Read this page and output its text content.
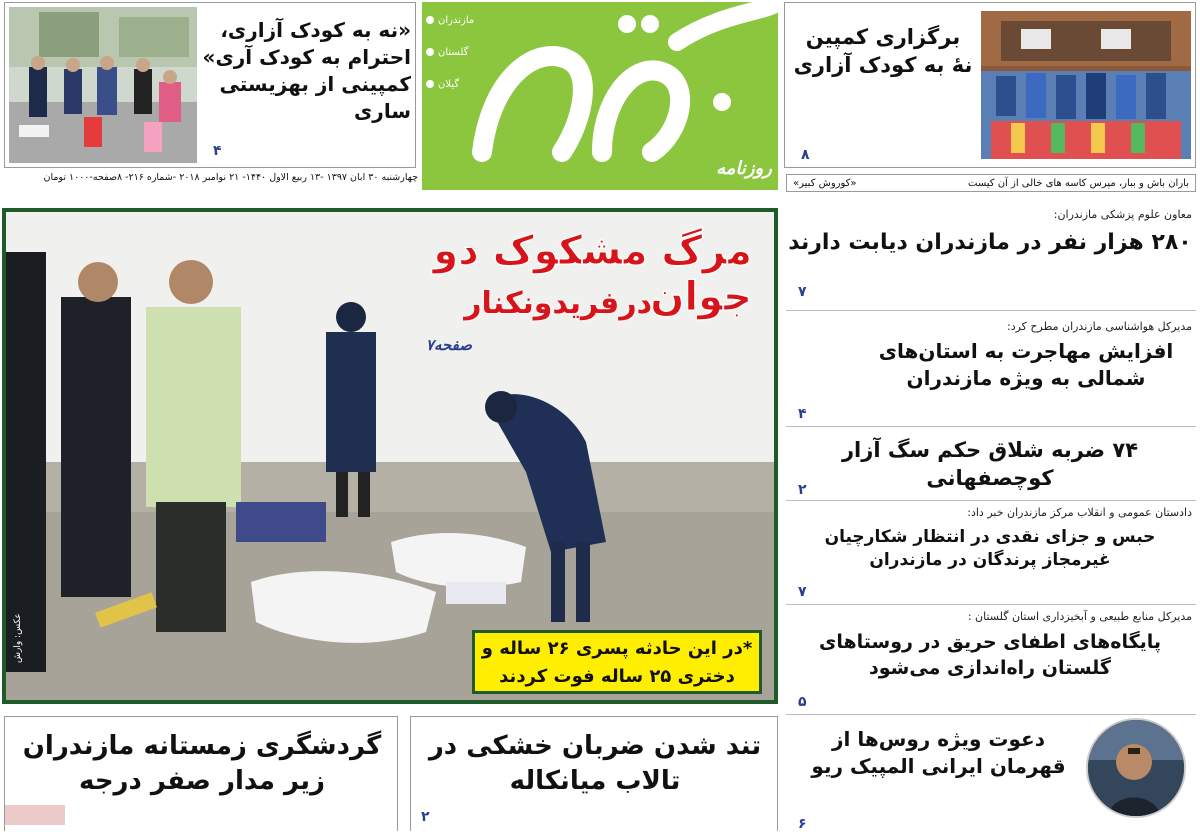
«نه به کودک آزاری، احترام به کودک آری» کمپینی از بهزیستی ساری
۴
روزنامه
مازندران
گلستان
گیلان
چهارشنبه ۳۰ آبان ۱۳۹۷ -۱۳ ربیع الاول ۱۴۴۰- ۲۱ نوامبر ۲۰۱۸ -شماره ۲۱۶- ۸صفحه-۱۰۰۰ تومان
برگزاری کمپین نهٔ به کودک آزاری
۸
باران باش و ببار، مپرس کاسه های خالی از آن کیست
«کوروش کبیر»
مرگ مشکوک دو جوان
درفریدونکنار
صفحه۷
*در این حادثه پسری ۲۶ ساله و دختری ۲۵ ساله فوت کردند
عکس: وارش
معاون علوم پزشکی مازندران:
۲۸۰ هزار نفر در مازندران دیابت دارند
۷
مدیرکل هواشناسی مازندران مطرح کرد:
افزایش مهاجرت به استان‌های شمالی به ویژه مازندران
۴
۷۴ ضربه شلاق حکم سگ آزار کوچصفهانی
۲
دادستان عمومی و انقلاب مرکز مازندران خبر داد:
حبس و جزای نقدی در انتظار شکارچیان غیرمجاز پرندگان در مازندران
۷
مدیرکل منابع طبیعی و آبخیزداری استان گلستان :
پایگاه‌های اطفای حریق در روستاهای گلستان راه‌اندازی می‌شود
۵
دعوت ویژه روس‌ها از قهرمان ایرانی المپیک ریو
۶
گردشگری زمستانه مازندران زیر مدار صفر درجه
تند شدن ضربان خشکی در تالاب میانکاله
۲
